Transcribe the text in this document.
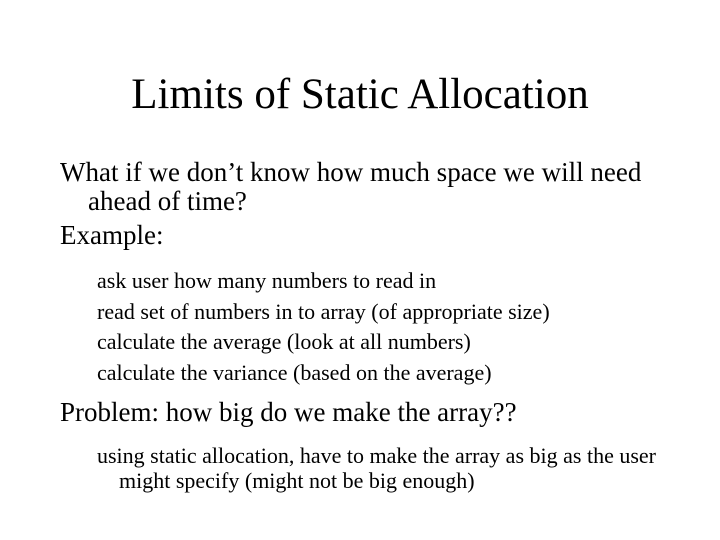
Limits of Static Allocation

What if we don’t know how much space we will need ahead of time?

Example:

ask user how many numbers to read in
read set of numbers in to array (of appropriate size)
calculate the average (look at all numbers)
calculate the variance (based on the average)

Problem: how big do we make the array??

using static allocation, have to make the array as big as the user might specify (might not be big enough)
